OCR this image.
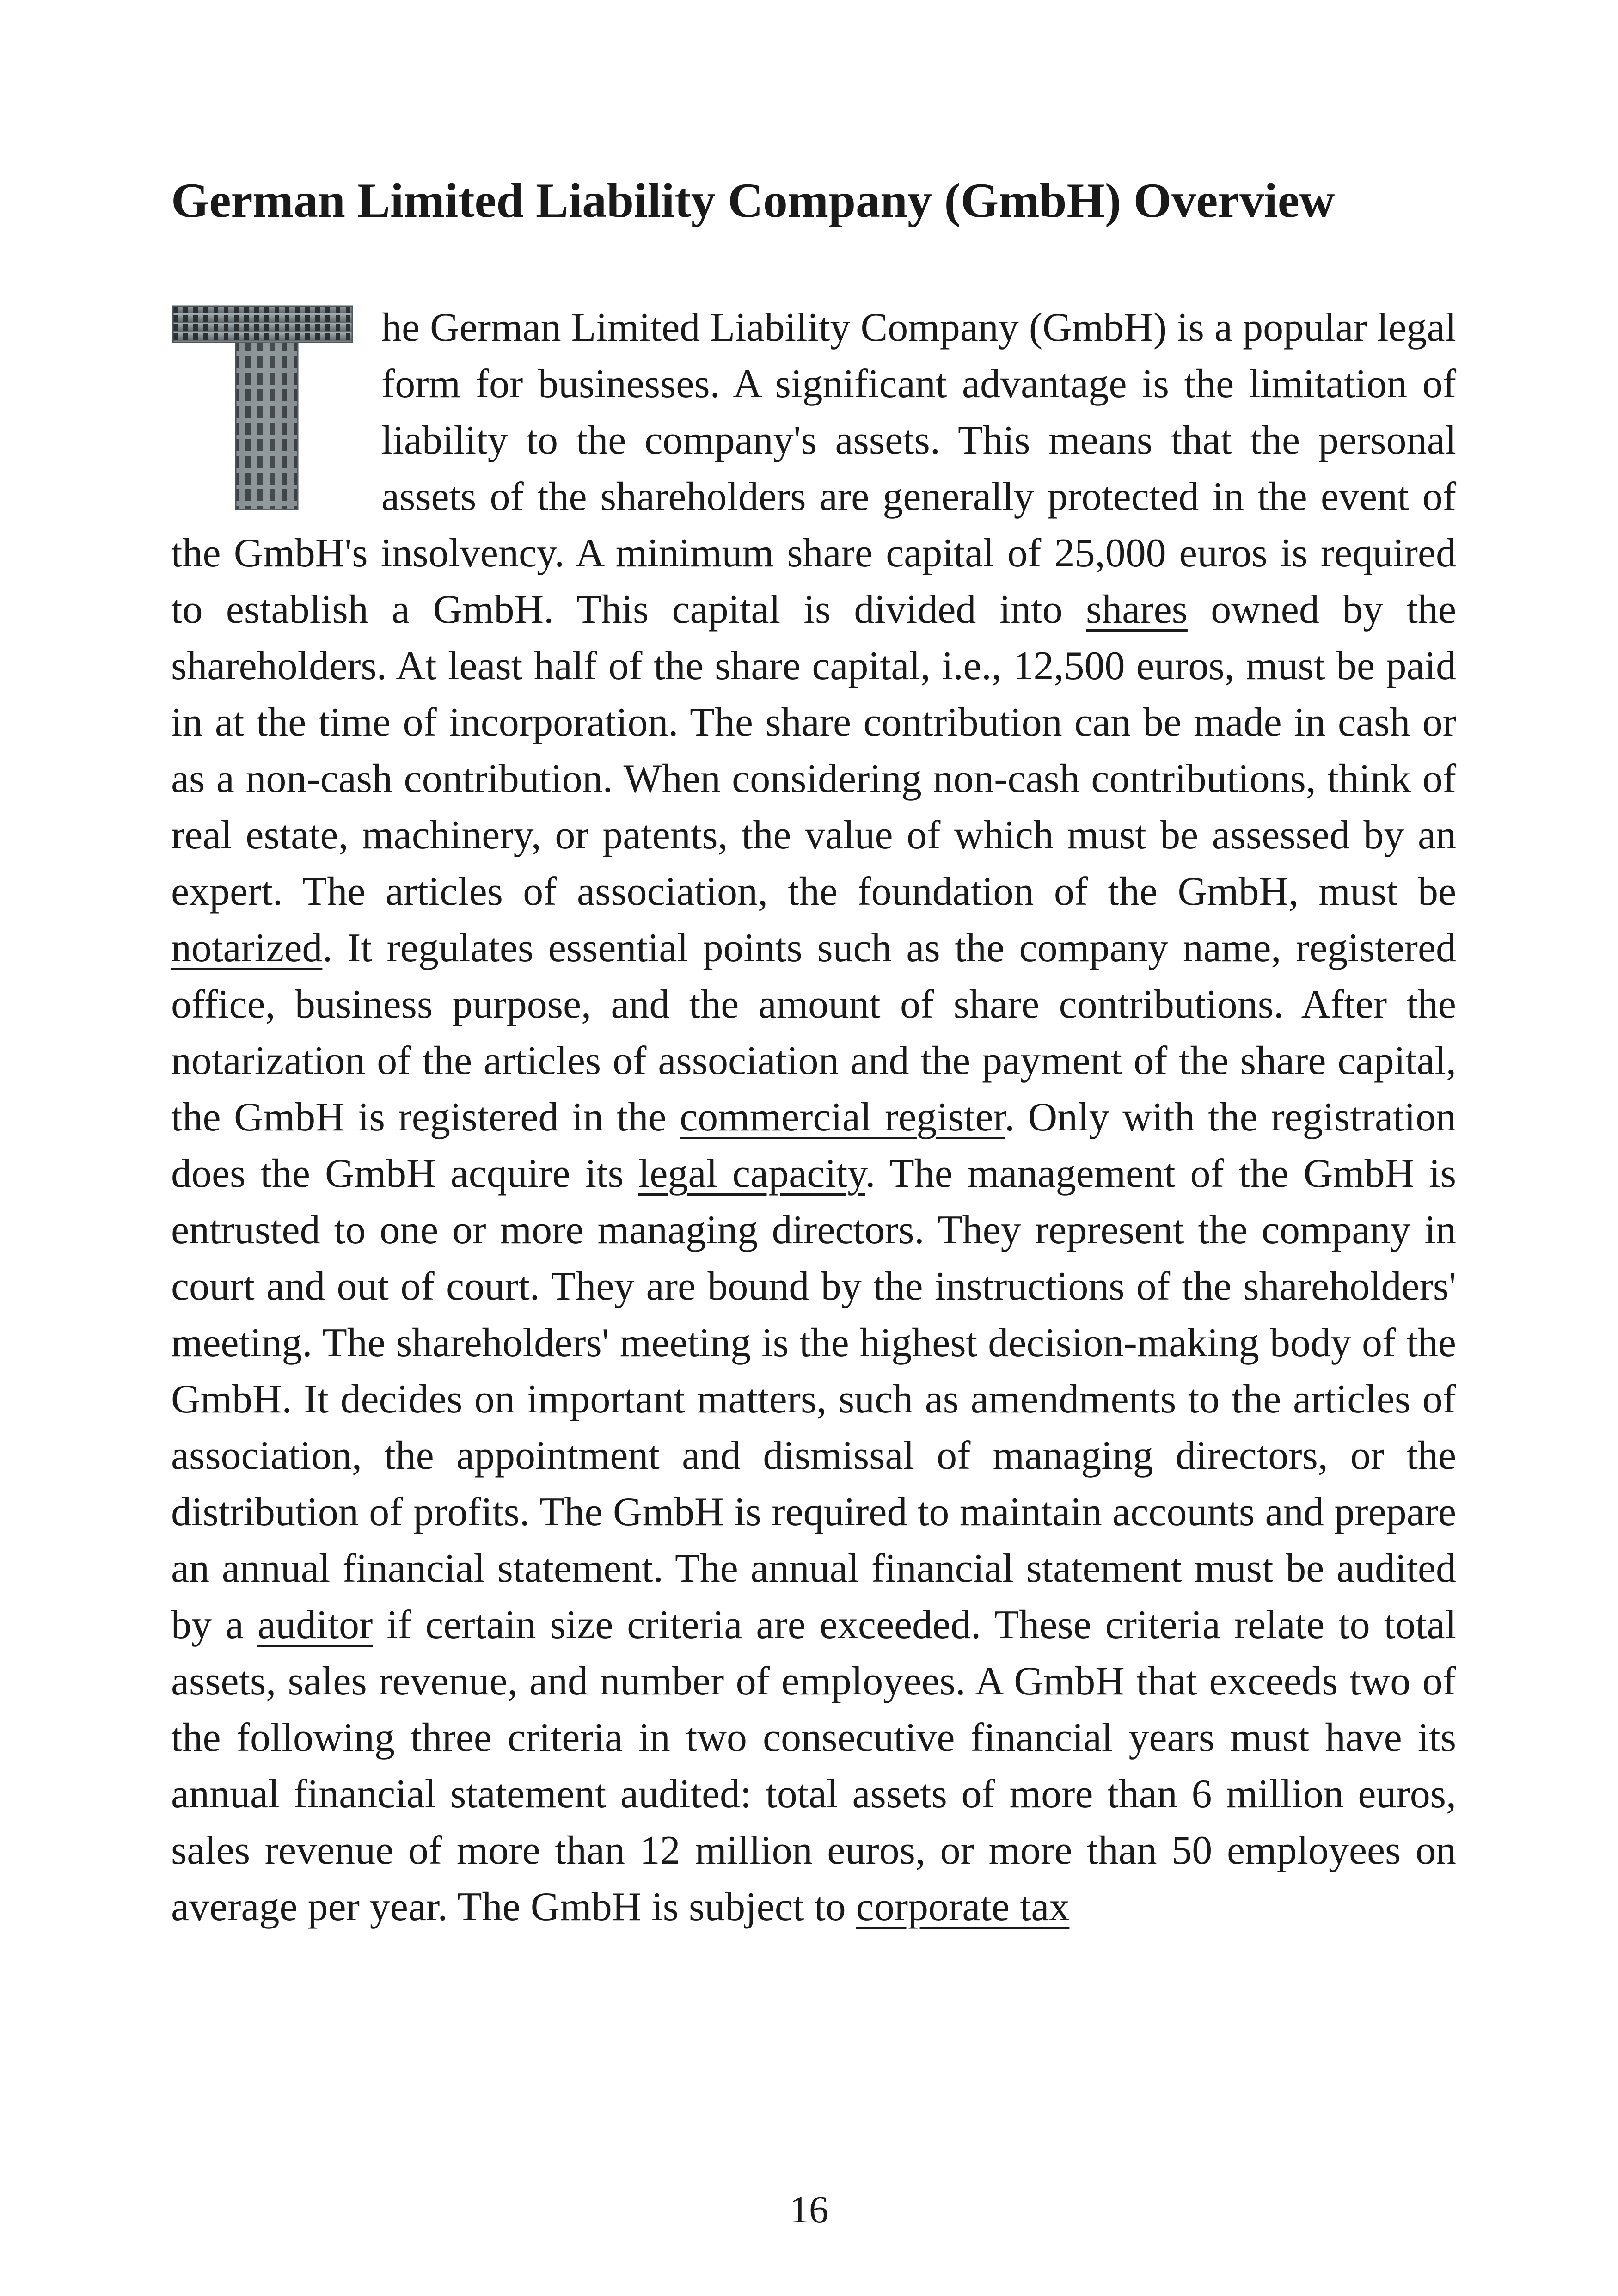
German Limited Liability Company (GmbH) Overview
he German Limited Liability Company (GmbH) is a popular legal form for businesses. A significant advantage is the limitation of liability to the company's assets. This means that the personal assets of the shareholders are generally protected in the event of the GmbH's insolvency. A minimum share capital of 25,000 euros is required to establish a GmbH. This capital is divided into shares owned by the shareholders. At least half of the share capital, i.e., 12,500 euros, must be paid in at the time of incorporation. The share contribution can be made in cash or as a non-cash contribution. When considering non-cash contributions, think of real estate, machinery, or patents, the value of which must be assessed by an expert. The articles of association, the foundation of the GmbH, must be notarized. It regulates essential points such as the company name, registered office, business purpose, and the amount of share contributions. After the notarization of the articles of association and the payment of the share capital, the GmbH is registered in the commercial register. Only with the registration does the GmbH acquire its legal capacity. The management of the GmbH is entrusted to one or more managing directors. They represent the company in court and out of court. They are bound by the instructions of the shareholders' meeting. The shareholders' meeting is the highest decision-making body of the GmbH. It decides on important matters, such as amendments to the articles of association, the appointment and dismissal of managing directors, or the distribution of profits. The GmbH is required to maintain accounts and prepare an annual financial statement. The annual financial statement must be audited by a auditor if certain size criteria are exceeded. These criteria relate to total assets, sales revenue, and number of employees. A GmbH that exceeds two of the following three criteria in two consecutive financial years must have its annual financial statement audited: total assets of more than 6 million euros, sales revenue of more than 12 million euros, or more than 50 employees on average per year. The GmbH is subject to corporate tax
16
